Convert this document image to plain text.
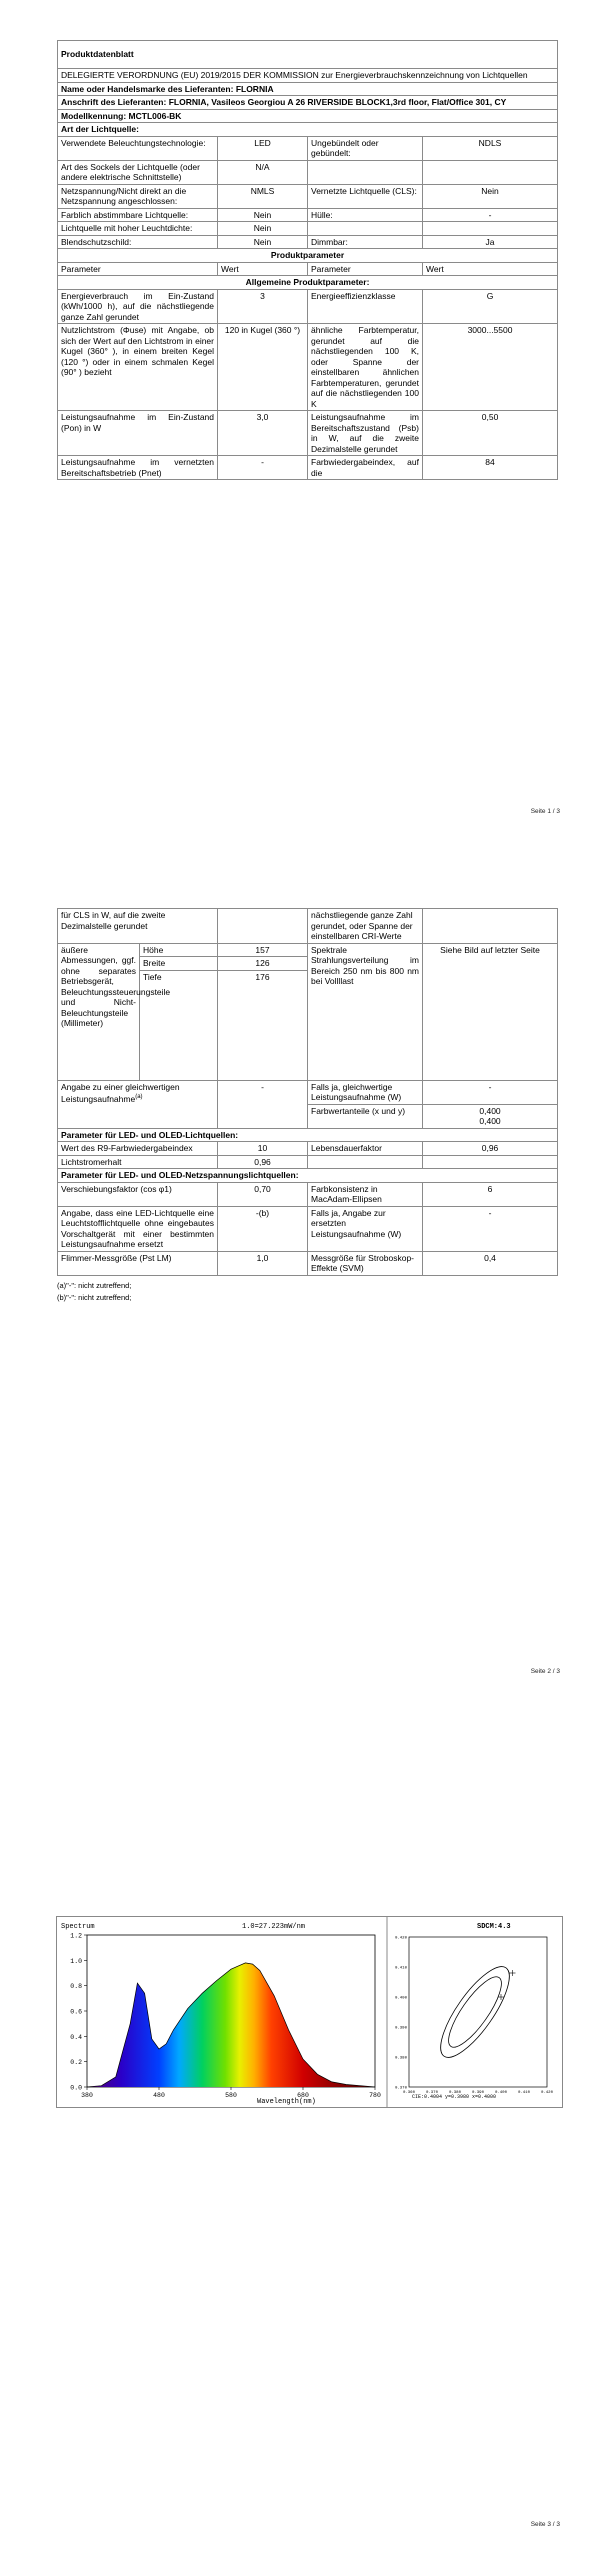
Produktdatenblatt			
DELEGIERTE VERORDNUNG (EU) 2019/2015 DER KOMMISSION zur Energieverbrauchskennzeichnung von Lichtquellen			
Name oder Handelsmarke des Lieferanten: FLORNIA			
Anschrift des Lieferanten: FLORNIA, Vasileos Georgiou A 26 RIVERSIDE BLOCK1,3rd floor, Flat/Office 301, CY			
Modellkennung: MCTL006-BK			
Art der Lichtquelle:			
Verwendete Beleuchtungstechnologie:	LED	Ungebündelt oder gebündelt:	NDLS
Art des Sockels der Lichtquelle (oder andere elektrische Schnittstelle)	N/A		
Netzspannung/Nicht direkt an die Netzspannung angeschlossen:	NMLS	Vernetzte Lichtquelle (CLS):	Nein
Farblich abstimmbare Lichtquelle:	Nein	Hülle:	-
Lichtquelle mit hoher Leuchtdichte:	Nein		
Blendschutzschild:	Nein	Dimmbar:	Ja
Produktparameter			
Parameter	Wert	Parameter	Wert
Allgemeine Produktparameter:			
Energieverbrauch im Ein-Zustand (kWh/1000 h), auf die nächstliegende ganze Zahl gerundet	3	Energieeffizienzklasse	G
Nutzlichtstrom (Φuse) mit Angabe, ob sich der Wert auf den Lichtstrom in einer Kugel (360° ), in einem breiten Kegel (120 °) oder in einem schmalen Kegel (90° ) bezieht	120 in Kugel (360 °)	ähnliche Farbtemperatur, gerundet auf die nächstliegenden 100 K, oder Spanne der einstellbaren ähnlichen Farbtemperaturen, gerundet auf die nächstliegenden 100 K	3000...5500
Leistungsaufnahme im Ein-Zustand (Pon) in W	3,0	Leistungsaufnahme im Bereitschaftszustand (Psb) in W, auf die zweite Dezimalstelle gerundet	0,50
Leistungsaufnahme im vernetzten Bereitschaftsbetrieb (Pnet)	-	Farbwiedergabeindex, auf die	84
Seite 1 / 3
für CLS in W, auf die zweite Dezimalstelle gerundet			nächstliegende ganze Zahl gerundet, oder Spanne der einstellbaren CRI-Werte	
äußere Abmessungen, ggf. ohne separates Betriebsgerät, Beleuchtungssteuerungsteile und Nicht-Beleuchtungsteile (Millimeter)	Höhe	157	Spektrale Strahlungsverteilung im Bereich 250 nm bis 800 nm bei Vollllast	Siehe Bild auf letzter Seite
	Breite	126		
	Tiefe	176		
Angabe zu einer gleichwertigen Leistungsaufnahme$^{(a)}$		-	Falls ja, gleichwertige Leistungsaufnahme (W)	-
			Farbwertanteile (x und y)	0,400
0,400

Parameter für LED- und OLED-Lichtquellen:				
Wert des R9-Farbwiedergabeindex		10	Lebensdauerfaktor	0,96
Lichtstromerhalt		0,96		
Parameter für LED- und OLED-Netzspannungslichtquellen:				
Verschiebungsfaktor (cos φ1)		0,70	Farbkonsistenz in MacAdam-Ellipsen	6
Angabe, dass eine LED-Lichtquelle eine Leuchtstofflichtquelle ohne eingebautes Vorschaltgerät mit einer bestimmten Leistungsaufnahme ersetzt		-(b)	Falls ja, Angabe zur ersetzten Leistungsaufnahme (W)	-
Flimmer-Messgröße (Pst LM)		1,0	Messgröße für Stroboskop-Effekte (SVM)	0,4
(a)"-": nicht zutreffend;
(b)"-": nicht zutreffend;
Seite 2 / 3
Seite 3 / 3
Spectrum	1.0=27.223mW/nm
0.0
0.2
0.4
0.6
0.8
1.0
1.2
380	480	580	680	780
Wavelength(nm)
SDCM:4.3
0.360	0.370	0.380	0.390	0.400	0.410	0.420
0.370
0.380
0.390
0.400
0.410
0.420
CIE:0.4004 y=0.3980 x=0.4000
